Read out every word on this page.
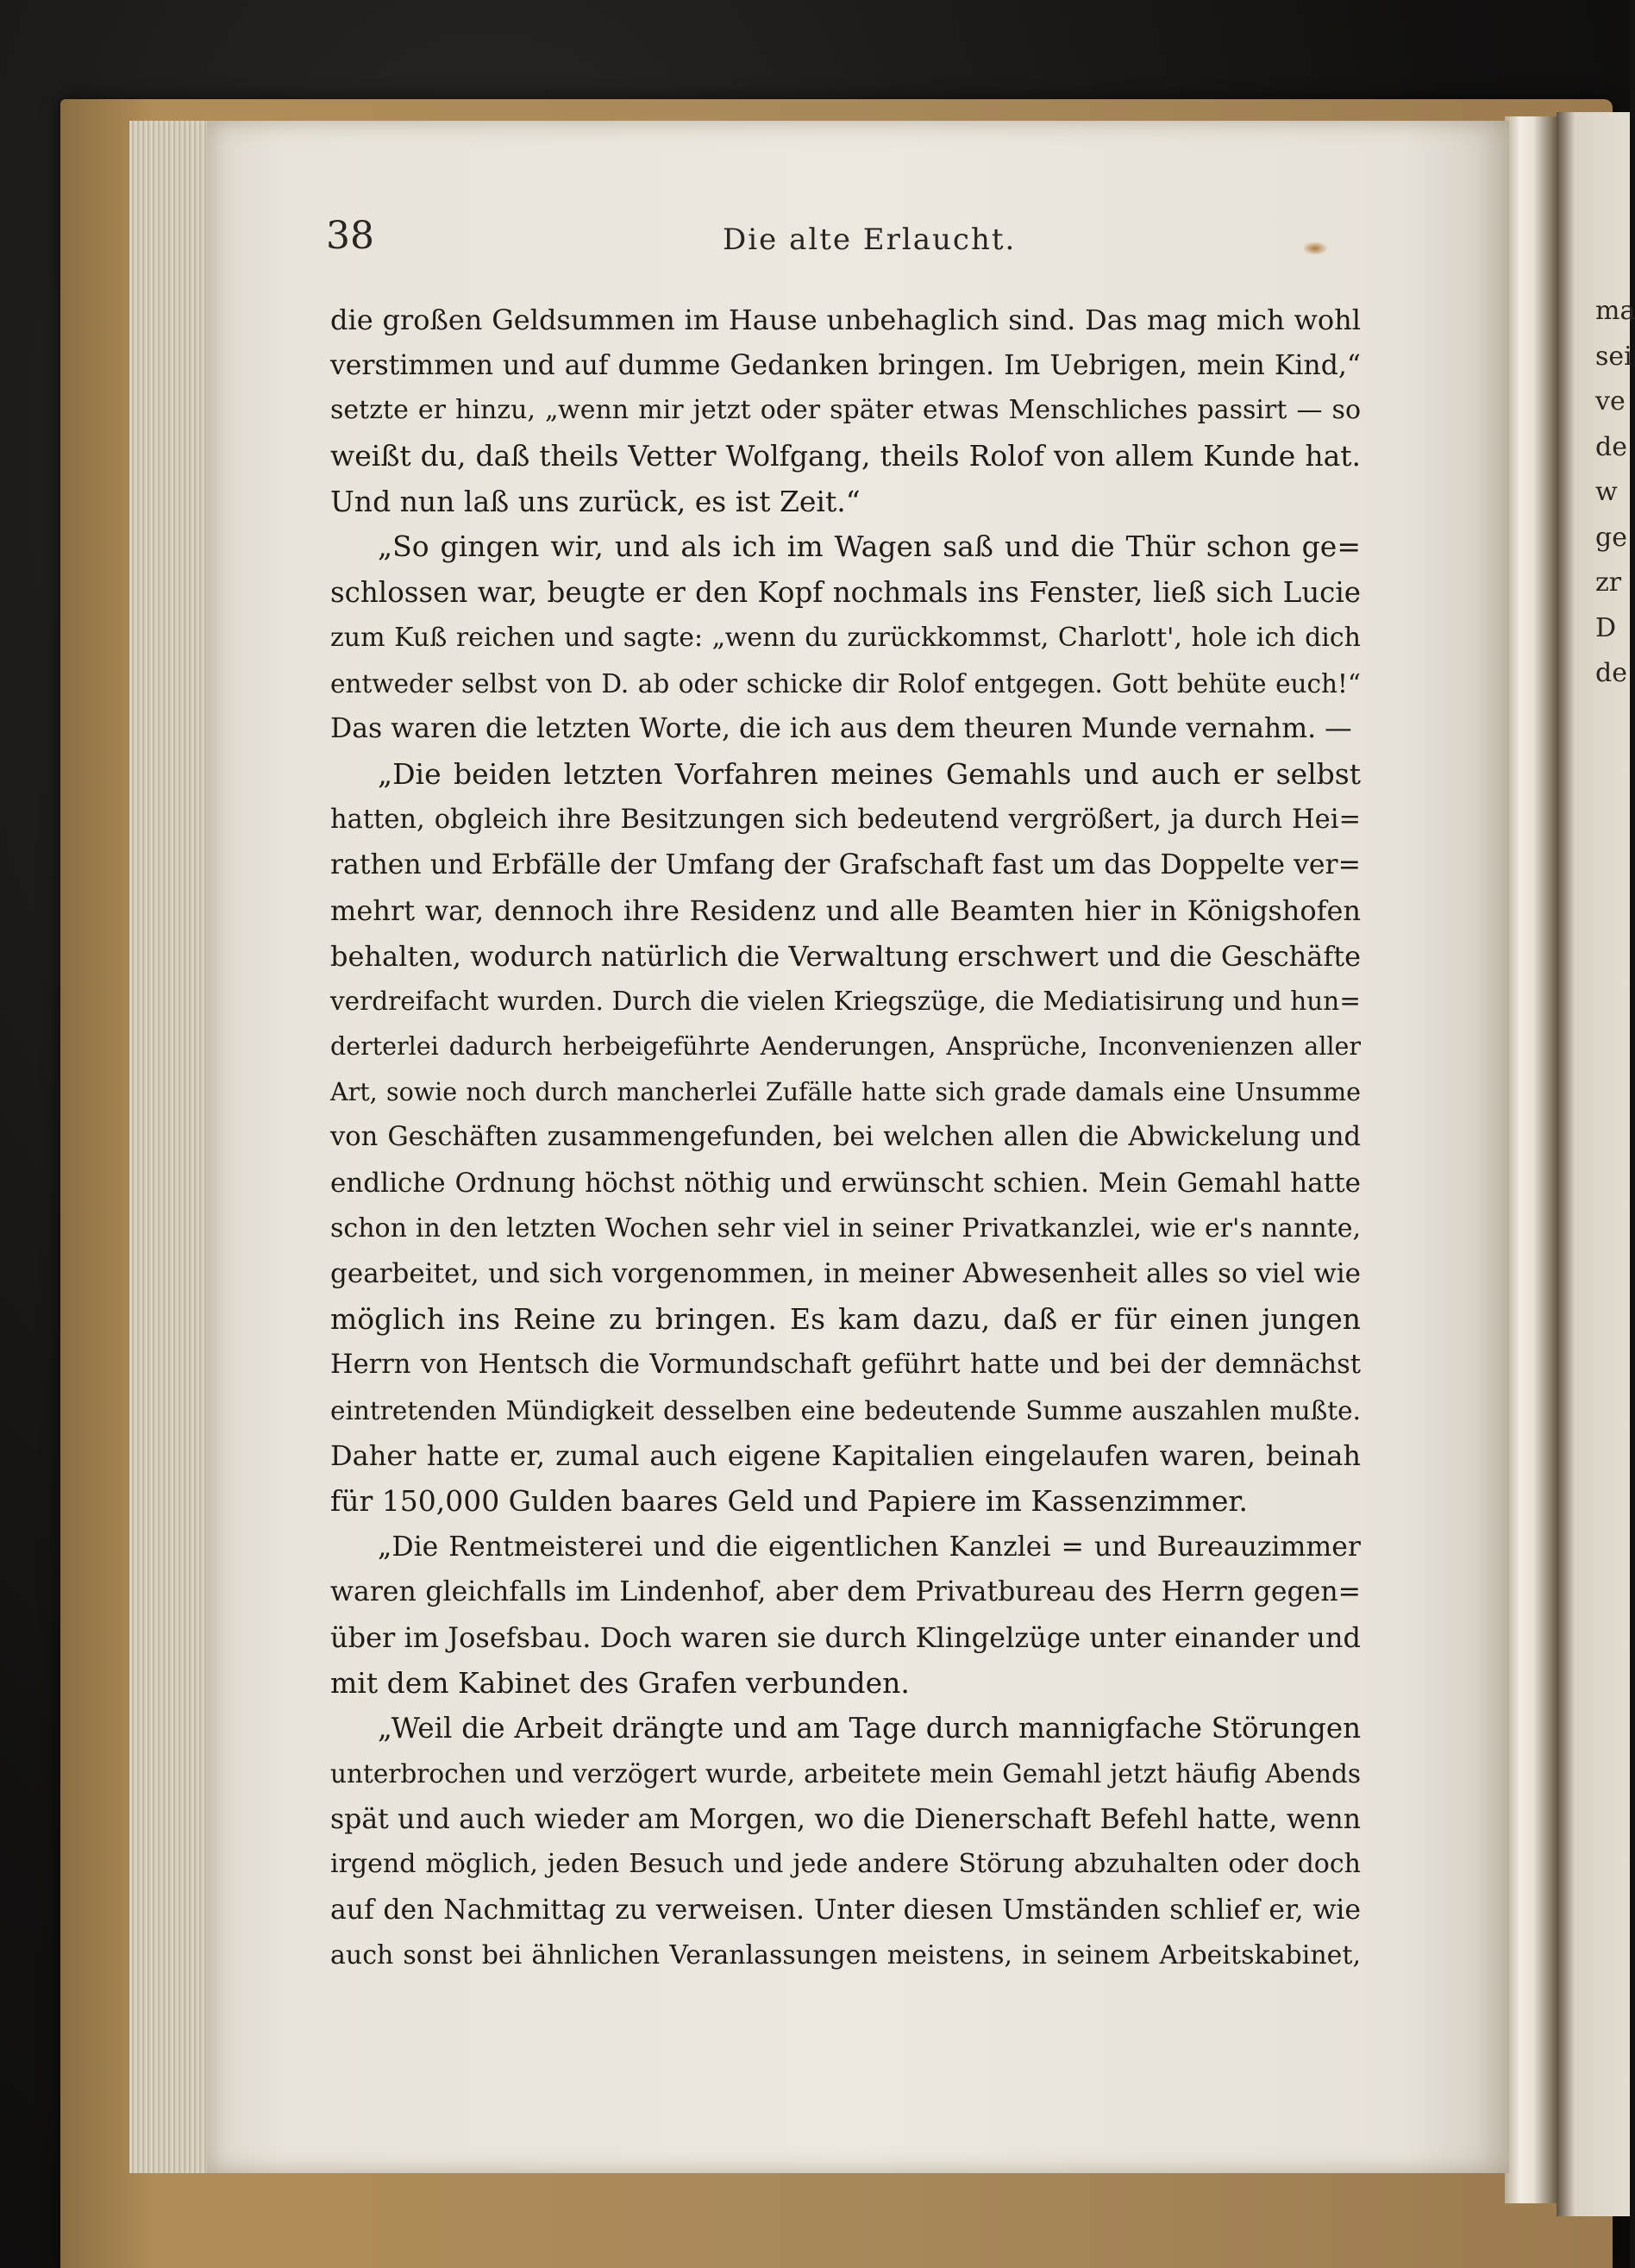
ma
sei
ve
de
w
ge
zr
D
de
38	Die alte Erlaucht.
die großen Geldsummen im Hause unbehaglich sind. Das mag mich wohl
verstimmen und auf dumme Gedanken bringen. Im Uebrigen, mein Kind,“
setzte er hinzu, „wenn mir jetzt oder später etwas Menschliches passirt — so
weißt du, daß theils Vetter Wolfgang, theils Rolof von allem Kunde hat.
Und nun laß uns zurück, es ist Zeit.“
„So gingen wir, und als ich im Wagen saß und die Thür schon ge=
schlossen war, beugte er den Kopf nochmals ins Fenster, ließ sich Lucie
zum Kuß reichen und sagte: „wenn du zurückkommst, Charlott', hole ich dich
entweder selbst von D. ab oder schicke dir Rolof entgegen. Gott behüte euch!“
Das waren die letzten Worte, die ich aus dem theuren Munde vernahm. —
„Die beiden letzten Vorfahren meines Gemahls und auch er selbst
hatten, obgleich ihre Besitzungen sich bedeutend vergrößert, ja durch Hei=
rathen und Erbfälle der Umfang der Grafschaft fast um das Doppelte ver=
mehrt war, dennoch ihre Residenz und alle Beamten hier in Königshofen
behalten, wodurch natürlich die Verwaltung erschwert und die Geschäfte
verdreifacht wurden. Durch die vielen Kriegszüge, die Mediatisirung und hun=
derterlei dadurch herbeigeführte Aenderungen, Ansprüche, Inconvenienzen aller
Art, sowie noch durch mancherlei Zufälle hatte sich grade damals eine Unsumme
von Geschäften zusammengefunden, bei welchen allen die Abwickelung und
endliche Ordnung höchst nöthig und erwünscht schien. Mein Gemahl hatte
schon in den letzten Wochen sehr viel in seiner Privatkanzlei, wie er's nannte,
gearbeitet, und sich vorgenommen, in meiner Abwesenheit alles so viel wie
möglich ins Reine zu bringen. Es kam dazu, daß er für einen jungen
Herrn von Hentsch die Vormundschaft geführt hatte und bei der demnächst
eintretenden Mündigkeit desselben eine bedeutende Summe auszahlen mußte.
Daher hatte er, zumal auch eigene Kapitalien eingelaufen waren, beinah
für 150,000 Gulden baares Geld und Papiere im Kassenzimmer.
„Die Rentmeisterei und die eigentlichen Kanzlei = und Bureauzimmer
waren gleichfalls im Lindenhof, aber dem Privatbureau des Herrn gegen=
über im Josefsbau. Doch waren sie durch Klingelzüge unter einander und
mit dem Kabinet des Grafen verbunden.
„Weil die Arbeit drängte und am Tage durch mannigfache Störungen
unterbrochen und verzögert wurde, arbeitete mein Gemahl jetzt häufig Abends
spät und auch wieder am Morgen, wo die Dienerschaft Befehl hatte, wenn
irgend möglich, jeden Besuch und jede andere Störung abzuhalten oder doch
auf den Nachmittag zu verweisen. Unter diesen Umständen schlief er, wie
auch sonst bei ähnlichen Veranlassungen meistens, in seinem Arbeitskabinet,
